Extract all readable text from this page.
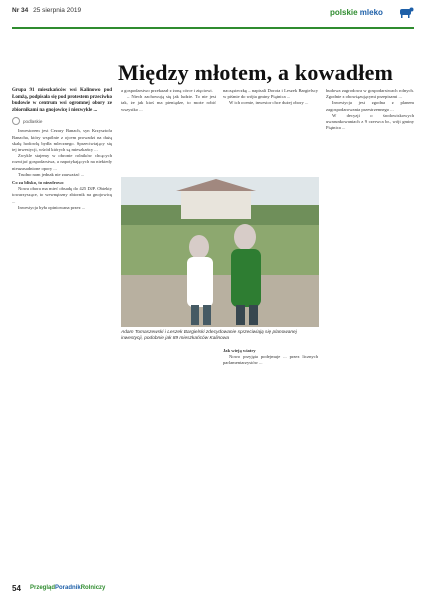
Nr 34 25 sierpnia 2019	polskie mleko
Między młotem, a kowadłem
Grupa 91 mieszkańców wsi Kalinowo pod Łomżą, podpisała się pod protestem przeciwko budowie w centrum wsi ogromnej obory ze zbiornikami na gnojowicę i niezwykle ...
podlaskie

Inwestorem jest Cezary Banach, syn Krzysztofa Banacha, który wspólnie z ojcem prowadzi na dużą skalę hodowlę bydła mlecznego. Sprzeciwiający się tej inwestycji, wśród których są mieszkańcy ...

Zwykle stajemy w obronie rolników chcących rozwijać gospodarstwa, a napotykających na niekiedy nieuzasadnione opory ...

Trudno nam jednak nie zauważać ...

Co za blisko, to niezdrowo

Nowa obora ma mieć obsadę do 425 DJP. Obiekty towarzyszące, to wewnętrzny zbiornik na gnojowicę ...

Inwestycja była opiniowana przez ...

a gospodarstwo przekazał z żoną córce i zięciowi.

– Niech zachowują się jak ludzie. To nie jest tak, że jak ktoś ma pieniądze, to może robić wszystko ...

nacząsteczkę – napisali Dorota i Leszek Bargielscy w piśmie do wójta gminy Piątnica ...

W ich ocenie, inwestor chce dużej obory ...

Adam Tomaszewski i Leszek Bargielski zdecydowanie sprzeciwiają się planowanej inwestycji, podobnie jak 89 mieszkańców Kalinowa

Jak wieją wiatry

Nowo przyjęta podejmuje ... przez licznych parlamentarzystów ...

budowa zagrodowa w gospodarstwach rolnych. Zgodnie z obowiązującymi przepisami ...

Inwestycja jest zgodna z planem zagospodarowania przestrzennego ...

W decyzji o środowiskowych uwarunkowaniach z 9 czerwca br., wójt gminy Piątnica ...

54 PrzeglądPoradnikRolniczy
